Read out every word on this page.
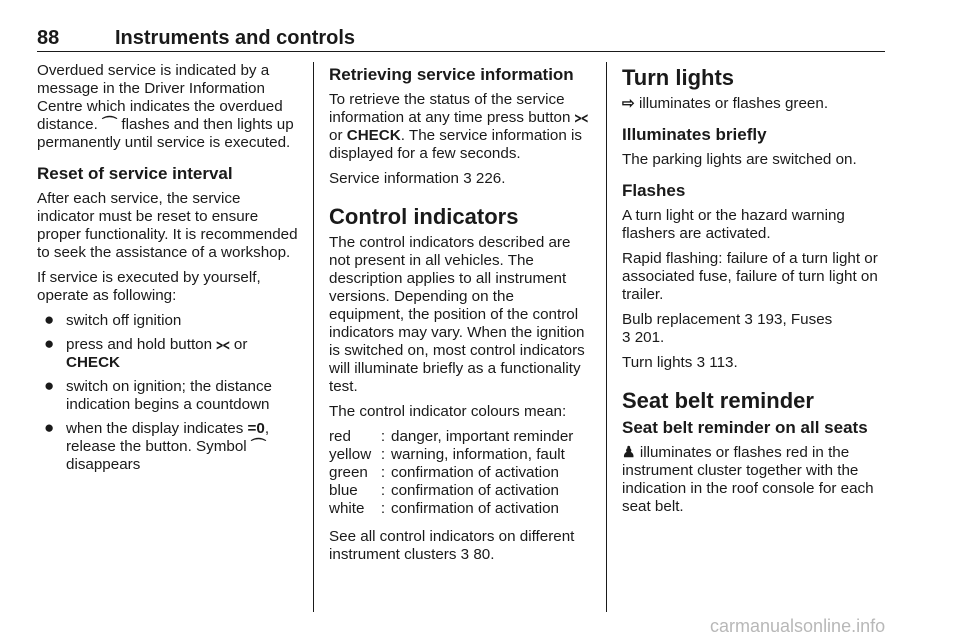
88	Instruments and controls

Overdued service is indicated by a message in the Driver Information Centre which indicates the overdued distance. ⌒ flashes and then lights up permanently until service is executed.

Reset of service interval

After each service, the service indicator must be reset to ensure proper functionality. It is recommended to seek the assistance of a workshop.

If service is executed by yourself, operate as following:

● switch off ignition
● press and hold button ⪥ or CHECK
● switch on ignition; the distance indication begins a countdown
● when the display indicates =0, release the button. Symbol ⌒ disappears
Retrieving service information

To retrieve the status of the service information at any time press button ⪥ or CHECK. The service information is displayed for a few seconds.

Service information 3 226.

Control indicators

The control indicators described are not present in all vehicles. The description applies to all instrument versions. Depending on the equipment, the position of the control indicators may vary. When the ignition is switched on, most control indicators will illuminate briefly as a functionality test.

The control indicator colours mean:

red	:	danger, important reminder
yellow	:	warning, information, fault
green	:	confirmation of activation
blue	:	confirmation of activation
white	:	confirmation of activation

See all control indicators on different instrument clusters 3 80.

Turn lights

⇨ illuminates or flashes green.

Illuminates briefly

The parking lights are switched on.

Flashes

A turn light or the hazard warning flashers are activated.

Rapid flashing: failure of a turn light or associated fuse, failure of turn light on trailer.

Bulb replacement 3 193, Fuses
3 201.

Turn lights 3 113.

Seat belt reminder
Seat belt reminder on all seats

♟ illuminates or flashes red in the instrument cluster together with the indication in the roof console for each seat belt.

carmanualsonline.info
